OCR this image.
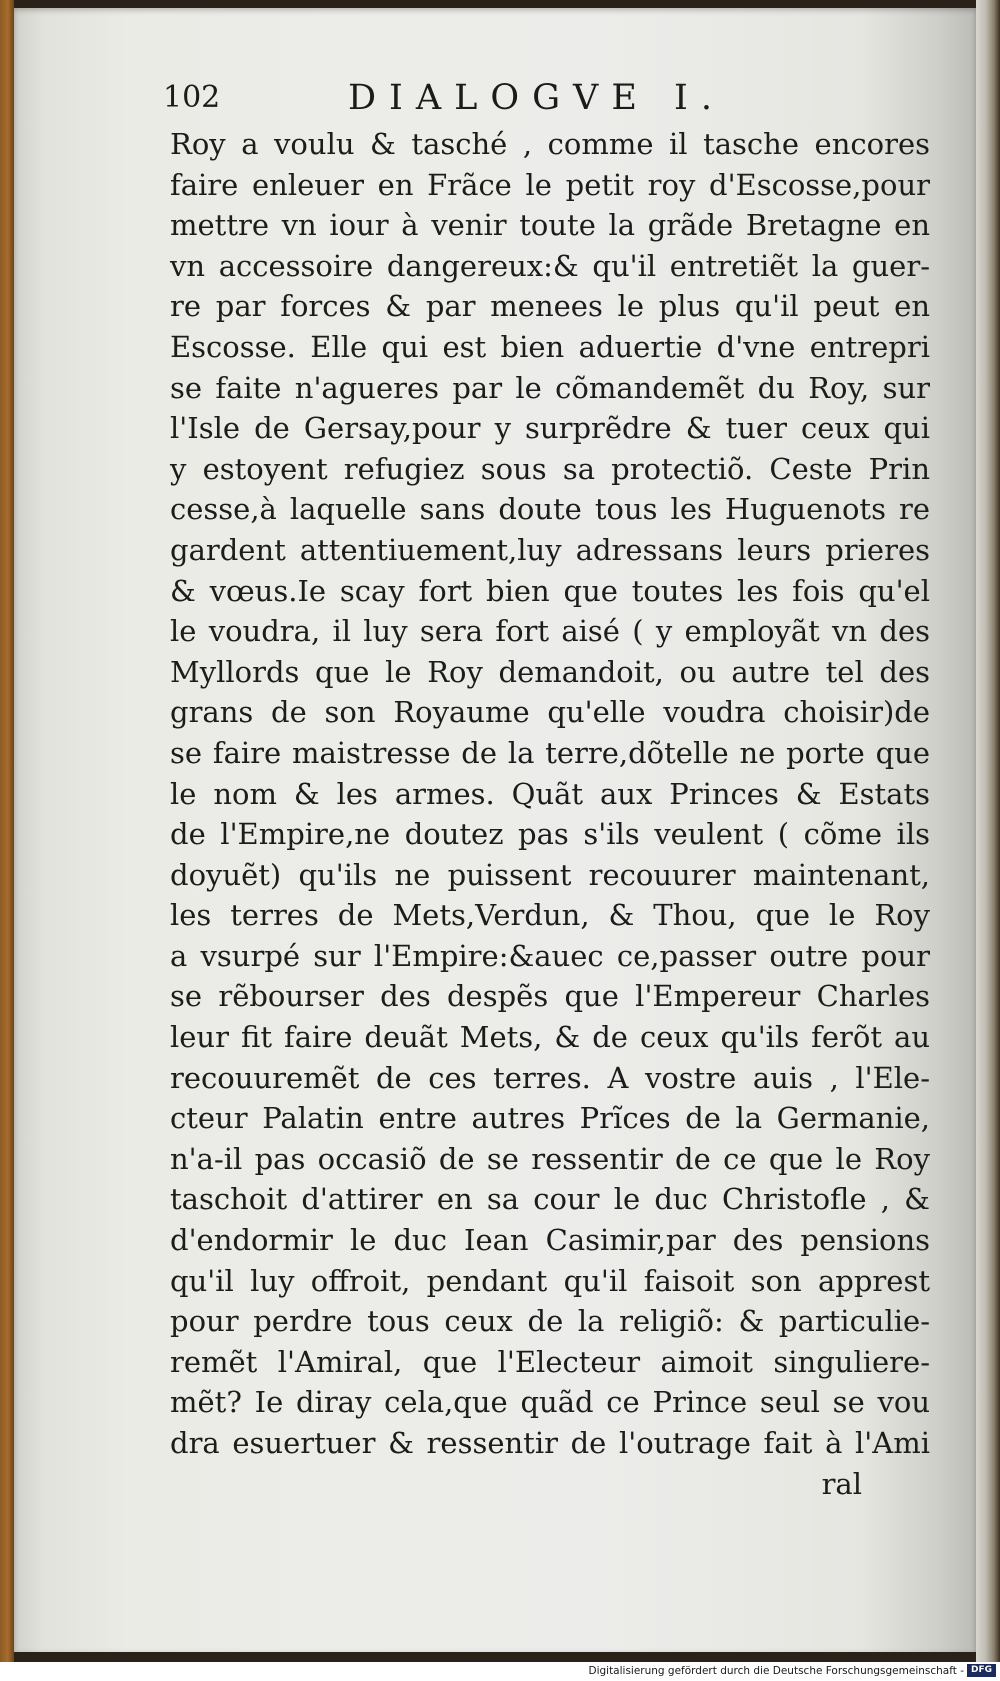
102	DIALOGVE I.
Roy a voulu & tasché , comme il tasche encores
faire enleuer en Frãce le petit roy d'Escosse,pour
mettre vn iour à venir toute la grãde Bretagne en
vn accessoire dangereux:& qu'il entretiẽt la guer-
re par forces & par menees le plus qu'il peut en
Escosse. Elle qui est bien aduertie d'vne entrepri
se faite n'agueres par le cõmandemẽt du Roy, sur
l'Isle de Gersay,pour y surprẽdre & tuer ceux qui
y estoyent refugiez sous sa protectiõ. Ceste Prin
cesse,à laquelle sans doute tous les Huguenots re
gardent attentiuement,luy adressans leurs prieres
& vœus.Ie scay fort bien que toutes les fois qu'el
le voudra, il luy sera fort aisé ( y employãt vn des
Myllords que le Roy demandoit, ou autre tel des
grans de son Royaume qu'elle voudra choisir)de
se faire maistresse de la terre,dõtelle ne porte que
le nom & les armes. Quãt aux Princes & Estats
de l'Empire,ne doutez pas s'ils veulent ( cõme ils
doyuẽt) qu'ils ne puissent recouurer maintenant,
les terres de Mets,Verdun, & Thou, que le Roy
a vsurpé sur l'Empire:&auec ce,passer outre pour
se rẽbourser des despẽs que l'Empereur Charles
leur fit faire deuãt Mets, & de ceux qu'ils ferõt au
recouuremẽt de ces terres. A vostre auis , l'Ele-
cteur Palatin entre autres Prĩces de la Germanie,
n'a-il pas occasiõ de se ressentir de ce que le Roy
taschoit d'attirer en sa cour le duc Christofle , &
d'endormir le duc Iean Casimir,par des pensions
qu'il luy offroit, pendant qu'il faisoit son apprest
pour perdre tous ceux de la religiõ: & particulie-
remẽt l'Amiral, que l'Electeur aimoit singuliere-
mẽt? Ie diray cela,que quãd ce Prince seul se vou
dra esuertuer & ressentir de l'outrage fait à l'Ami
ral
Digitalisierung gefördert durch die Deutsche Forschungsgemeinschaft - DFG
